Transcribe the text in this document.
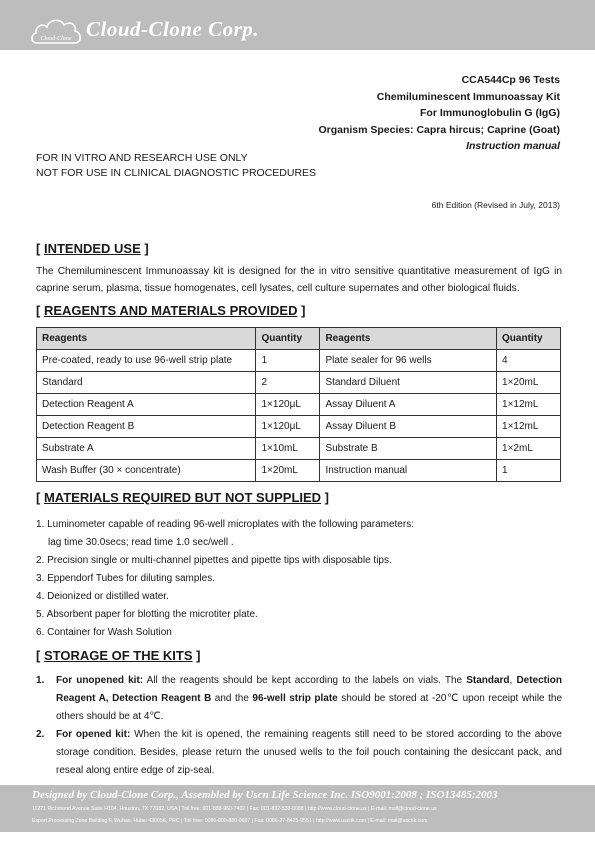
Cloud-Clone Cloud-Clone Corp.
CCA544Cp 96 Tests
Chemiluminescent Immunoassay Kit
For Immunoglobulin G (IgG)
Organism Species: Capra hircus; Caprine (Goat)
Instruction manual
FOR IN VITRO AND RESEARCH USE ONLY
NOT FOR USE IN CLINICAL DIAGNOSTIC PROCEDURES
6th Edition (Revised in July, 2013)
[ INTENDED USE ]
The Chemiluminescent Immunoassay kit is designed for the in vitro sensitive quantitative measurement of IgG in caprine serum, plasma, tissue homogenates, cell lysates, cell culture supernates and other biological fluids.
[ REAGENTS AND MATERIALS PROVIDED ]
Reagents	Quantity	Reagents	Quantity
Pre-coated, ready to use 96-well strip plate	1	Plate sealer for 96 wells	4
Standard	2	Standard Diluent	1×20mL
Detection Reagent A	1×120μL	Assay Diluent A	1×12mL
Detection Reagent B	1×120μL	Assay Diluent B	1×12mL
Substrate A	1×10mL	Substrate B	1×2mL
Wash Buffer (30 × concentrate)	1×20mL	Instruction manual	1
[ MATERIALS REQUIRED BUT NOT SUPPLIED ]
1. Luminometer capable of reading 96-well microplates with the following parameters:
lag time 30.0secs; read time 1.0 sec/well .
2. Precision single or multi-channel pipettes and pipette tips with disposable tips.
3. Eppendorf Tubes for diluting samples.
4. Deionized or distilled water.
5. Absorbent paper for blotting the microtiter plate.
6. Container for Wash Solution
[ STORAGE OF THE KITS ]
1. For unopened kit: All the reagents should be kept according to the labels on vials. The Standard, Detection Reagent A, Detection Reagent B and the 96-well strip plate should be stored at -20℃ upon receipt while the others should be at 4℃.
2. For opened kit: When the kit is opened, the remaining reagents still need to be stored according to the above storage condition. Besides, please return the unused wells to the foil pouch containing the desiccant pack, and reseal along entire edge of zip-seal.
Designed by Cloud-Clone Corp., Assembled by Uscn Life Science Inc. ISO9001:2008 ; ISO13485:2003
11271 Richmond Avenue Suite H104, Houston, TX 77082, USA | Toll free: 001-888-960-7402 | Fax: 001-832-538-0088 | http://www.cloud-clone.us | E-mail: mail@cloud-clone.us
Export Processing Zone Building F, Wuhan, Hubei 430056, PRC | Toll free: 0086-800-880-0687 | Fax: 0086-27-8425-9551 | http://www.uscnk.com | E-mail: mail@uscnk.com
